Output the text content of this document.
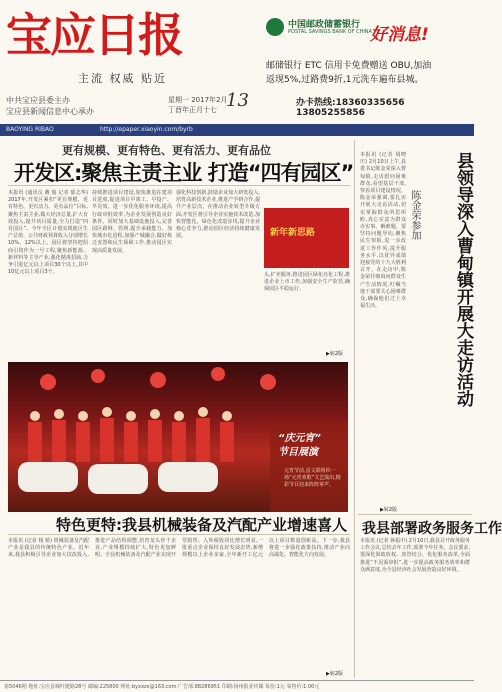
宝应日报
主流 权威 贴近
中共宝应县委主办
宝应县新闻信息中心承办
星期一 2017年2月
丁酉年正月十七 13
中国邮政储蓄银行
POSTAL SAVINGS BANK OF CHINA
好消息!
邮储银行 ETC 信用卡免费赠送 OBU,加油
返现5%,过路费9折,1元洗车遍布县城。
办卡热线:18360335656 13805255856
BAOYING RIBAO	http://epaper.xiaoyin.com/byrb
更有规模、更有特色、更有活力、更有品位
开发区:聚焦主责主业 打造“四有园区”
本报讯 (通讯员 戴 俊 记者 郁志华) 2017年,开发区紧扣“更有规模、更有特色、更有活力、更有品位”目标,聚焦主责主业,做大经济总量,扩大有效投入,提升项目质量,全力打造“四有园区”。今年全区计划实现地区生产总值、公共财政预算收入分别增长10%、12%以上。园区将坚持把招商引资作为一号工程,聚焦新能源、新材料等主导产业,强化精准招商,力争引进亿元以上项目30个以上,其中10亿元以上项目3个。
持续推进项目建设,加快推进在建项目进度,促进项目早竣工、早投产、早见效。进一步优化服务环境,提高行政审批效率,为企业发展创造良好条件。同时加大基础设施投入,完善园区路网、管网,提升承载能力。加快城市化进程,加强产城融合,做好拆迁安置和民生保障工作,推动园区实现高质量发展。
强化科技创新,鼓励企业加大研发投入,培育高新技术企业,推进产学研合作,提升产业层次。在推动企业转型升级方面,开发区将引导企业实施技术改造,加快智能化、绿色化改造步伐,提升企业核心竞争力,推动园区经济持续健康发展。	新年新思路
头,扩充服务,推进园区绿化亮化工程,推进企业上市工作,加强安全生产监管,确保园区平稳运行。
▶转2版
“庆元宵”
节目展演
元宵节前,县文联组织一场“元宵欢歌”文艺演出,精彩节目迎来阵阵掌声。
特色更特:我县机械装备及汽配产业增速喜人
本报讯 (记者 杨 娇) 机械装备及汽配产业是我县的传统特色产业。近年来,我县积极引导企业加大技改投入,推进产品结构调整,培育龙头骨干企业,产业规模持续扩大,特色更加鲜明。全县机械装备及汽配产业实现开票销售、入库税收同比增长明显,一批重点企业保持良好发展态势,新增规模以上企业多家,全年新开工亿元以上项目数量创新高。下一步,我县将进一步强化政策扶持,推动产业向高端化、智能化方向发展。
▶转2版
县领导深入曹甸镇开展大走访活动
陈金荣参加
本报讯 (记者 胡晓庆) 2月10日上午,县委书记陈金荣深入曹甸镇,走访慰问困难群众,看望基层干部,察看项目建设情况。陈金荣强调,要扎实开展大走访活动,切实掌握群众所思所盼,真心实意为群众办实事、解难题。要坚持问题导向,聚焦民生短板,进一步改进工作作风,提升服务水平,以优异成绩迎接党的十九大胜利召开。在走访中,陈金荣仔细询问群众生产生活情况,叮嘱当地干部要关心困难群众,确保他们过上幸福生活。
▶转2版
我县部署政务服务工作
本报讯 (记者 蒋振中) 2月10日,我县召开政务服务工作会议,总结去年工作,部署今年任务。会议要求,要深化简政放权、放管结合、优化服务改革,全面推进“不见面审批”,进一步提高政务服务效率和群众满意度,为全县经济社会发展营造良好环境。
第5046期 地址:宝应县城叶挺路28号 邮编:225800 网址:byxxzx@163.com 广告部:88286951 印刷:扬州报业传媒 每份:1元 零售价:1.00元
